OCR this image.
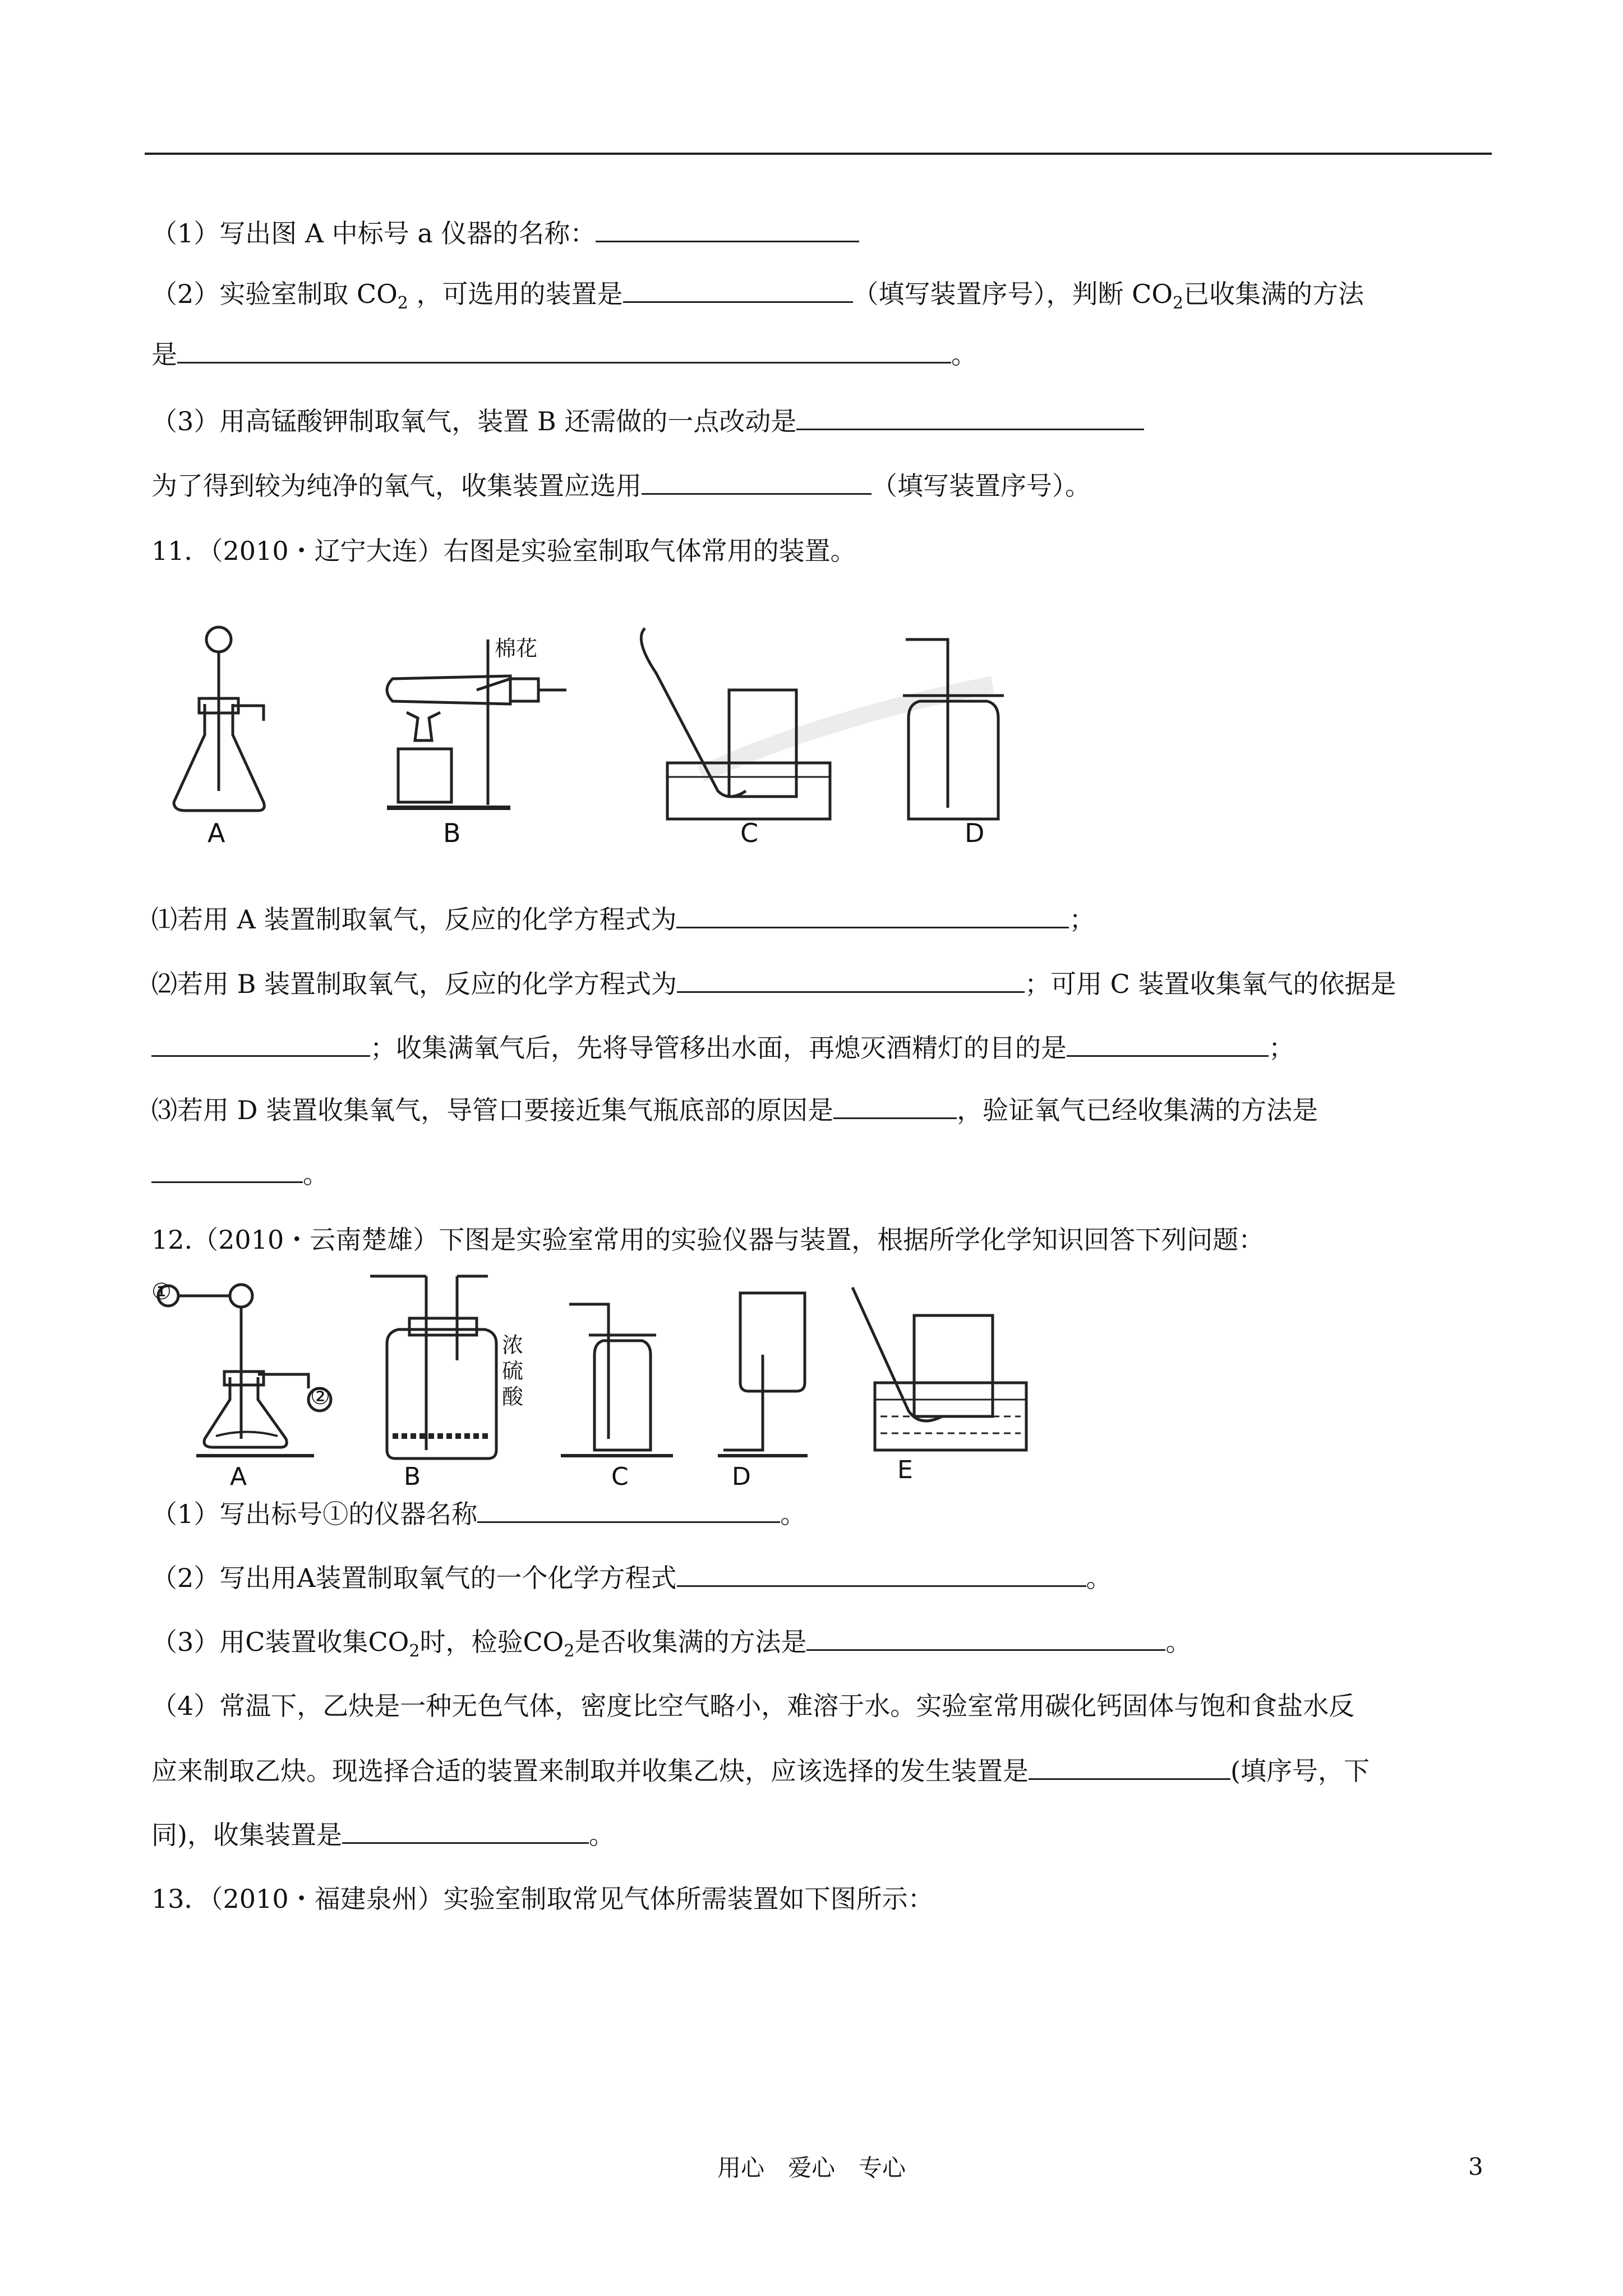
（1）写出图 A 中标号 a 仪器的名称：
（2）实验室制取 $CO_2$ ，可选用的装置是	（填写装置序号），判断 $CO_2$已收集满的方法
是	。
（3）用高锰酸钾制取氧气，装置 B 还需做的一点改动是
为了得到较为纯净的氧气，收集装置应选用	（填写装置序号）。
11．（2010・辽宁大连）右图是实验室制取气体常用的装置。
棉花
A	B	C	D
⑴若用 A 装置制取氧气，反应的化学方程式为	；
⑵若用 B 装置制取氧气，反应的化学方程式为	；可用 C 装置收集氧气的依据是
；收集满氧气后，先将导管移出水面，再熄灭酒精灯的目的是	；
⑶若用 D 装置收集氧气，导管口要接近集气瓶底部的原因是	，验证氧气已经收集满的方法是
。
12.（2010・云南楚雄）下图是实验室常用的实验仪器与装置，根据所学化学知识回答下列问题：
①
②
浓
硫
酸
A	B	C	D	E
（1）写出标号①的仪器名称	。
（2）写出用A装置制取氧气的一个化学方程式	。
（3）用C装置收集$CO_2$时，检验$CO_2$是否收集满的方法是	。
（4）常温下，乙炔是一种无色气体，密度比空气略小，难溶于水。实验室常用碳化钙固体与饱和食盐水反
应来制取乙炔。现选择合适的装置来制取并收集乙炔，应该选择的发生装置是	(填序号，下
同)，收集装置是	。
13．（2010・福建泉州）实验室制取常见气体所需装置如下图所示：
用心　爱心　专心	3
